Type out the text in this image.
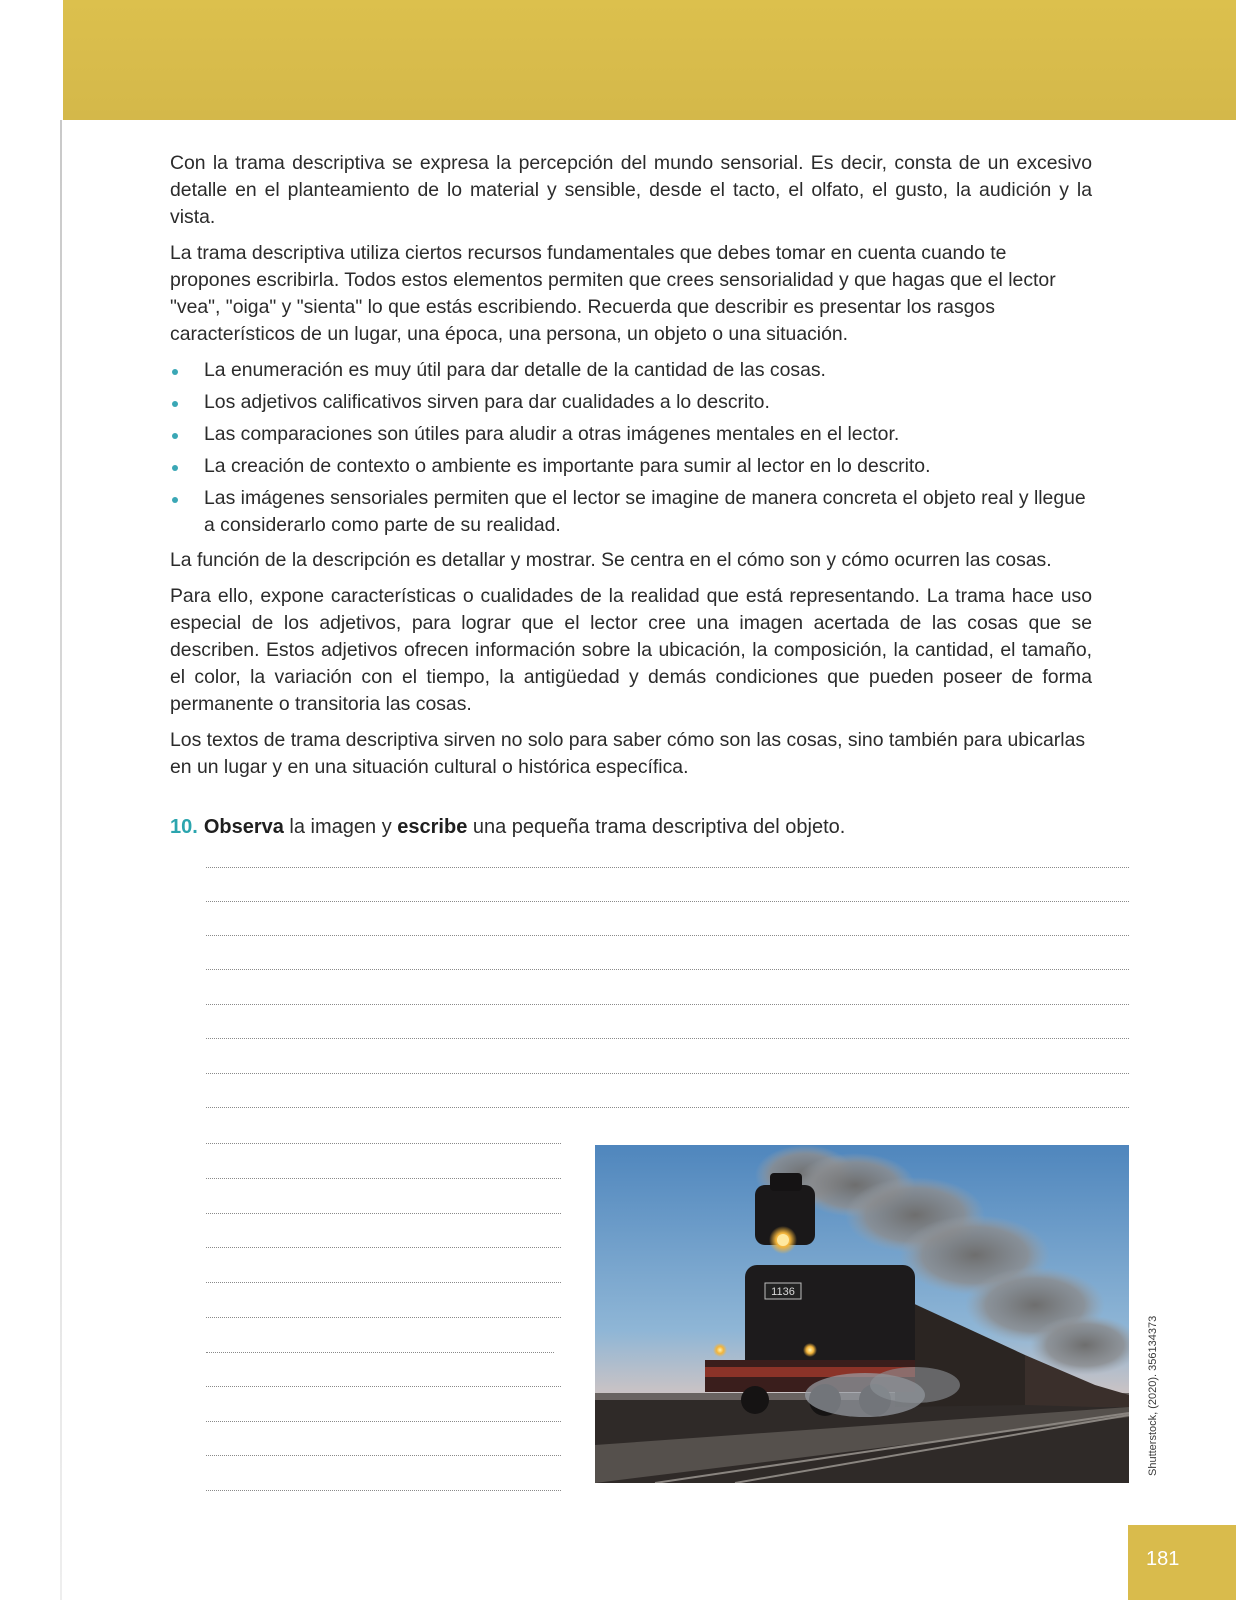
Con la trama descriptiva se expresa la percepción del mundo sensorial. Es decir, consta de un excesivo detalle en el planteamiento de lo material y sensible, desde el tacto, el olfato, el gusto, la audición y la vista.

La trama descriptiva utiliza ciertos recursos fundamentales que debes tomar en cuenta cuando te propones escribirla. Todos estos elementos permiten que crees sensorialidad y que hagas que el lector "vea", "oiga" y "sienta" lo que estás escribiendo. Recuerda que describir es presentar los rasgos característicos de un lugar, una época, una persona, un objeto o una situación.

La enumeración es muy útil para dar detalle de la cantidad de las cosas.
Los adjetivos calificativos sirven para dar cualidades a lo descrito.
Las comparaciones son útiles para aludir a otras imágenes mentales en el lector.
La creación de contexto o ambiente es importante para sumir al lector en lo descrito.
Las imágenes sensoriales permiten que el lector se imagine de manera concreta el objeto real y llegue a considerarlo como parte de su realidad.

La función de la descripción es detallar y mostrar. Se centra en el cómo son y cómo ocurren las cosas.

Para ello, expone características o cualidades de la realidad que está representando. La trama hace uso especial de los adjetivos, para lograr que el lector cree una imagen acertada de las cosas que se describen. Estos adjetivos ofrecen información sobre la ubicación, la composición, la cantidad, el tamaño, el color, la variación con el tiempo, la antigüedad y demás condiciones que pueden poseer de forma permanente o transitoria las cosas.

Los textos de trama descriptiva sirven no solo para saber cómo son las cosas, sino también para ubicarlas en un lugar y en una situación cultural o histórica específica.

10. Observa la imagen y escribe una pequeña trama descriptiva del objeto.
1136
Shutterstock, (2020). 356134373
181
